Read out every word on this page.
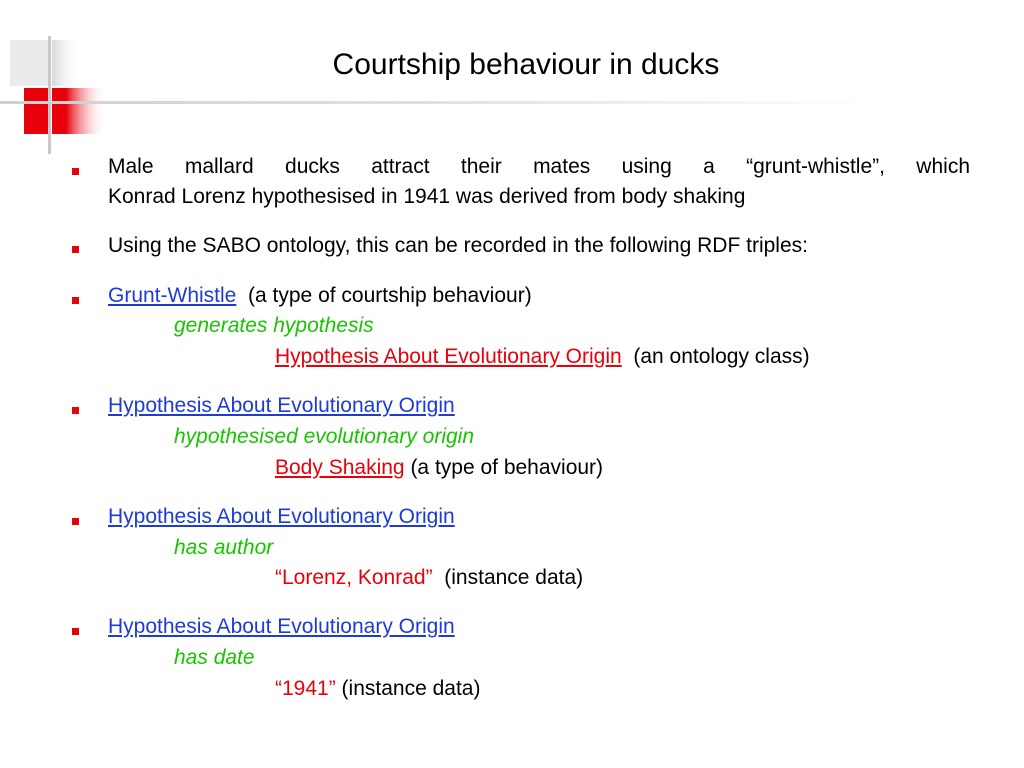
Courtship behaviour in ducks
Male mallard ducks attract their mates using a “grunt-whistle”, which
Konrad Lorenz hypothesised in 1941 was derived from body shaking
Using the SABO ontology, this can be recorded in the following RDF triples:
Grunt-Whistle (a type of courtship behaviour)
generates hypothesis
Hypothesis About Evolutionary Origin (an ontology class)
Hypothesis About Evolutionary Origin
hypothesised evolutionary origin
Body Shaking (a type of behaviour)
Hypothesis About Evolutionary Origin
has author
“Lorenz, Konrad” (instance data)
Hypothesis About Evolutionary Origin
has date
“1941” (instance data)
